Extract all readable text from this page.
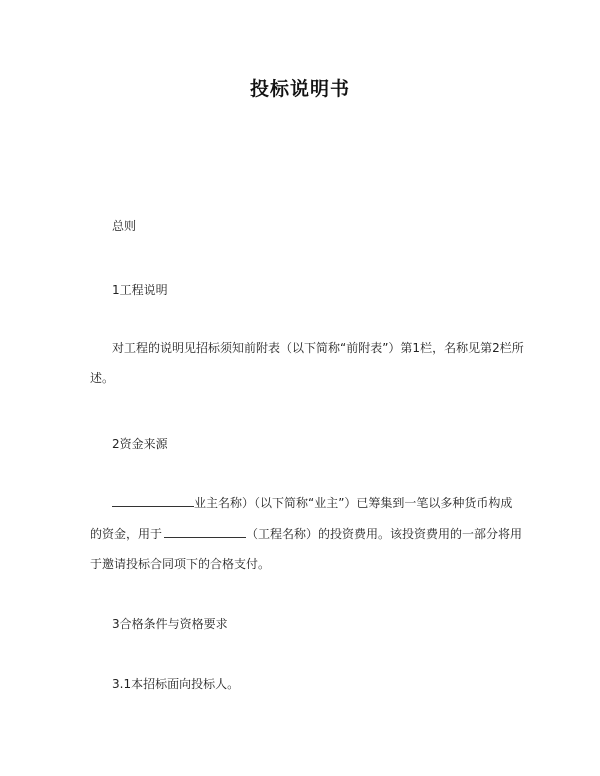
投标说明书
总则
1工程说明
对工程的说明见招标须知前附表（以下简称“前附表”）第1栏，名称见第2栏所
述。
2资金来源
业主名称）（以下简称“业主”）已筹集到一笔以多种货币构成
的资金，用于	（工程名称）的投资费用。该投资费用的一部分将用
于邀请投标合同项下的合格支付。
3合格条件与资格要求
3.1本招标面向投标人。
